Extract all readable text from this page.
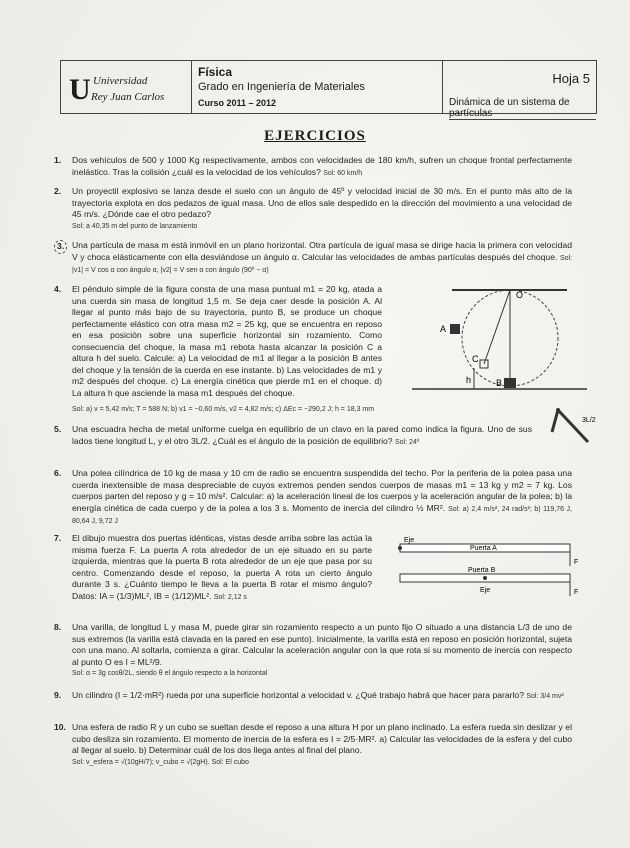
U Universidad
Rey Juan Carlos
Física
Grado en Ingeniería de Materiales
Curso 2011 – 2012
Hoja 5
Dinámica de un sistema de partículas
EJERCICIOS
1. Dos vehículos de 500 y 1000 Kg respectivamente, ambos con velocidades de 180 km/h, sufren un choque frontal perfectamente inelástico. Tras la colisión ¿cuál es la velocidad de los vehículos? Sol: 60 km/h

2. Un proyectil explosivo se lanza desde el suelo con un ángulo de 45º y velocidad inicial de 30 m/s. En el punto más alto de la trayectoria explota en dos pedazos de igual masa. Uno de ellos sale despedido en la dirección del movimiento a una velocidad de 45 m/s. ¿Dónde cae el otro pedazo?

Sol: a 40,35 m del punto de lanzamiento

3. Una partícula de masa m está inmóvil en un plano horizontal. Otra partícula de igual masa se dirige hacia la primera con velocidad V y choca elásticamente con ella desviándose un ángulo α. Calcular las velocidades de ambas partículas después del choque. Sol: |v1| = V cos α con ángulo α, |v2| = V sen α con ángulo (90º − α)

4. El péndulo simple de la figura consta de una masa puntual m1 = 20 kg, atada a una cuerda sin masa de longitud 1,5 m. Se deja caer desde la posición A. Al llegar al punto más bajo de su trayectoria, punto B, se produce un choque perfectamente elástico con otra masa m2 = 25 kg, que se encuentra en reposo en esa posición sobre una superficie horizontal sin rozamiento. Como consecuencia del choque, la masa m1 rebota hasta alcanzar la posición C a altura h del suelo. Calcule: a) La velocidad de m1 al llegar a la posición B antes del choque y la tensión de la cuerda en ese instante. b) Las velocidades de m1 y m2 después del choque. c) La energía cinética que pierde m1 en el choque. d) La altura h que asciende la masa m1 después del choque.

Sol: a) v = 5,42 m/s; T = 588 N; b) v1 = −0,60 m/s, v2 = 4,82 m/s; c) ΔEc = −290,2 J; h = 18,3 mm

A
O
C
B
h
3L/2
5. Una escuadra hecha de metal uniforme cuelga en equilibrio de un clavo en la pared como indica la figura. Uno de sus lados tiene longitud L, y el otro 3L/2. ¿Cuál es el ángulo de la posición de equilibrio? Sol: 24º

6. Una polea cilíndrica de 10 kg de masa y 10 cm de radio se encuentra suspendida del techo. Por la periferia de la polea pasa una cuerda inextensible de masa despreciable de cuyos extremos penden sendos cuerpos de masas m1 = 13 kg y m2 = 7 kg. Los cuerpos parten del reposo y g = 10 m/s². Calcular: a) la aceleración lineal de los cuerpos y la aceleración angular de la polea; b) la energía cinética de cada cuerpo y de la polea a los 3 s. Momento de inercia del cilindro ½ MR². Sol: a) 2,4 m/s², 24 rad/s²; b) 119,76 J, 80,64 J, 9,72 J

7. El dibujo muestra dos puertas idénticas, vistas desde arriba sobre las actúa la misma fuerza F. La puerta A rota alrededor de un eje situado en su parte izquierda, mientras que la puerta B rota alrededor de un eje que pasa por su centro. Comenzando desde el reposo, la puerta A rota un cierto ángulo durante 3 s. ¿Cuánto tiempo le lleva a la puerta B rotar el mismo ángulo? Datos: IA = (1/3)ML², IB = (1/12)ML². Sol: 2,12 s

Eje
Puerta A
F
Puerta B
Eje	F
8. Una varilla, de longitud L y masa M, puede girar sin rozamiento respecto a un punto fijo O situado a una distancia L/3 de uno de sus extremos (la varilla está clavada en la pared en ese punto). Inicialmente, la varilla está en reposo en posición horizontal, sujeta con una mano. Al soltarla, comienza a girar. Calcular la aceleración angular con la que rota si su momento de inercia con respecto al punto O es I = ML²/9.

Sol: α = 3g cosθ/2L, siendo θ el ángulo respecto a la horizontal

9. Un cilindro (I = 1/2·mR²) rueda por una superficie horizontal a velocidad v. ¿Qué trabajo habrá que hacer para pararlo? Sol: 3/4 mv²

10. Una esfera de radio R y un cubo se sueltan desde el reposo a una altura H por un plano inclinado. La esfera rueda sin deslizar y el cubo desliza sin rozamiento. El momento de inercia de la esfera es I = 2/5·MR². a) Calcular las velocidades de la esfera y del cubo al llegar al suelo. b) Determinar cuál de los dos llega antes al final del plano.

Sol: v_esfera = √(10gH/7); v_cubo = √(2gH). Sol: El cubo
